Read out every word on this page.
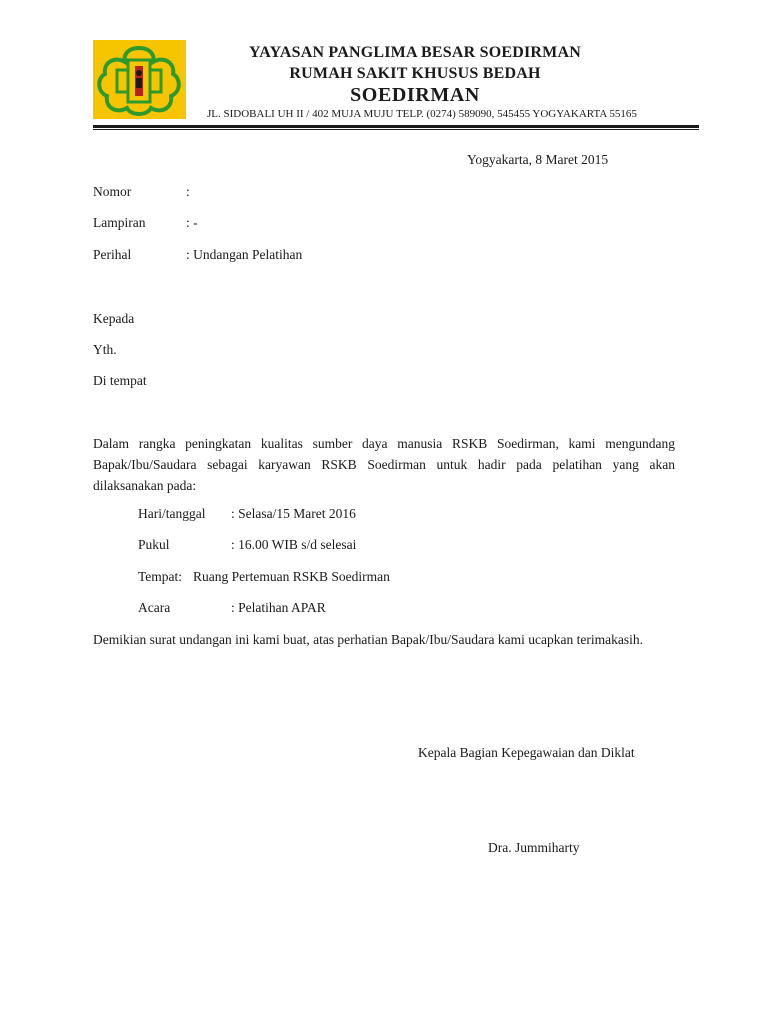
YAYASAN PANGLIMA BESAR SOEDIRMAN
RUMAH SAKIT KHUSUS BEDAH
SOEDIRMAN
JL. SIDOBALI UH II / 402 MUJA MUJU TELP. (0274) 589090, 545455 YOGYAKARTA 55165
Yogyakarta, 8 Maret 2015
Nomor	:
Lampiran	: -
Perihal	: Undangan Pelatihan
Kepada
Yth.
Di tempat
Dalam rangka peningkatan kualitas sumber daya manusia RSKB Soedirman, kami mengundang Bapak/Ibu/Saudara sebagai karyawan RSKB Soedirman untuk hadir pada pelatihan yang akan dilaksanakan pada:
Hari/tanggal : Selasa/15 Maret 2016
Pukul	: 16.00 WIB s/d selesai
Tempat: Ruang Pertemuan RSKB Soedirman
Acara	: Pelatihan APAR
Demikian surat undangan ini kami buat, atas perhatian Bapak/Ibu/Saudara kami ucapkan terimakasih.
Kepala Bagian Kepegawaian dan Diklat
Dra. Jummiharty
